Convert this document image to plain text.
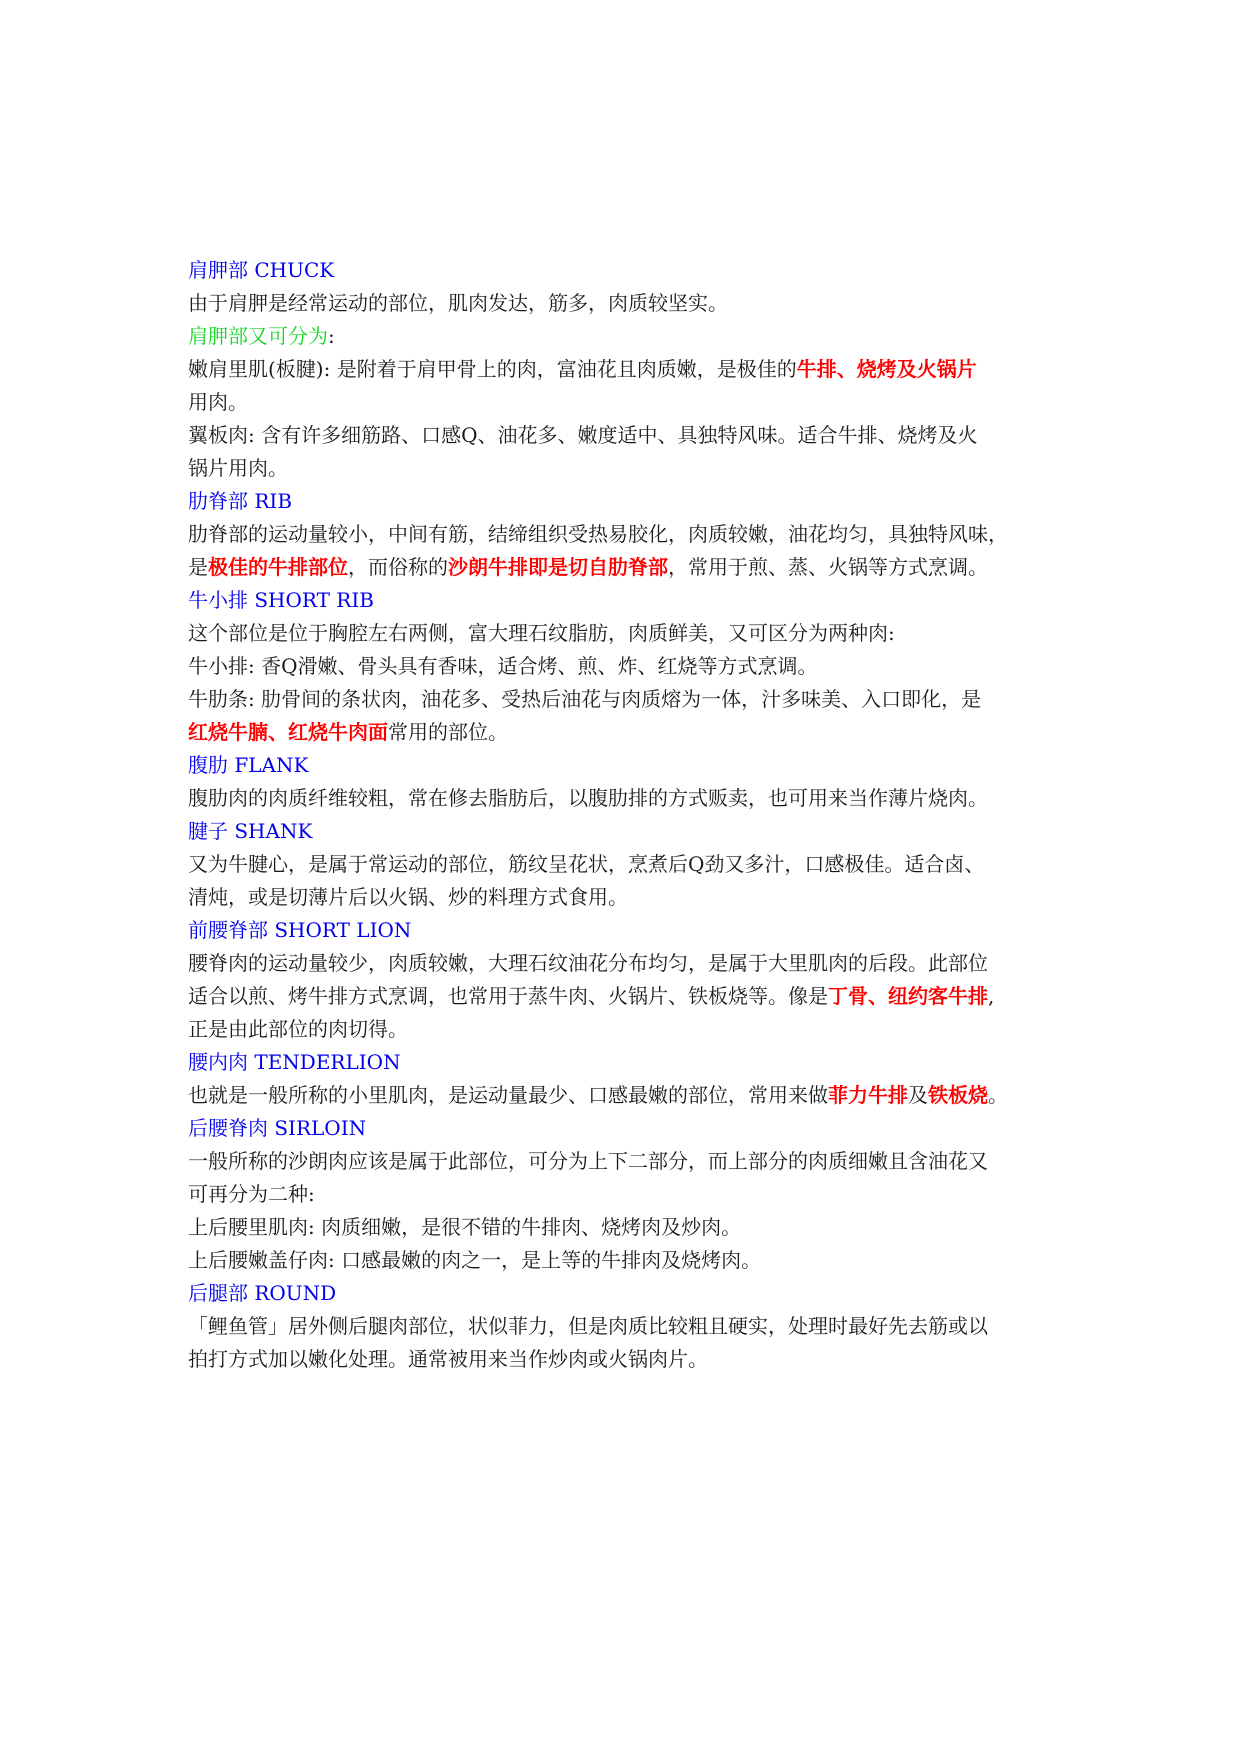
肩胛部 CHUCK
由于肩胛是经常运动的部位，肌肉发达，筋多，肉质较坚实。
肩胛部又可分为:
嫩肩里肌(板腱): 是附着于肩甲骨上的肉，富油花且肉质嫩，是极佳的牛排、烧烤及火锅片
用肉。
翼板肉: 含有许多细筋路、口感Q、油花多、嫩度适中、具独特风味。适合牛排、烧烤及火
锅片用肉。
肋脊部 RIB
肋脊部的运动量较小，中间有筋，结缔组织受热易胶化，肉质较嫩，油花均匀，具独特风味，
是极佳的牛排部位，而俗称的沙朗牛排即是切自肋脊部，常用于煎、蒸、火锅等方式烹调。
牛小排 SHORT RIB
这个部位是位于胸腔左右两侧，富大理石纹脂肪，肉质鲜美，又可区分为两种肉:
牛小排: 香Q滑嫩、骨头具有香味，适合烤、煎、炸、红烧等方式烹调。
牛肋条: 肋骨间的条状肉，油花多、受热后油花与肉质熔为一体，汁多味美、入口即化，是
红烧牛腩、红烧牛肉面常用的部位。
腹肋 FLANK
腹肋肉的肉质纤维较粗，常在修去脂肪后，以腹肋排的方式贩卖，也可用来当作薄片烧肉。
腱子 SHANK
又为牛腱心，是属于常运动的部位，筋纹呈花状，烹煮后Q劲又多汁，口感极佳。适合卤、
清炖，或是切薄片后以火锅、炒的料理方式食用。
前腰脊部 SHORT LION
腰脊肉的运动量较少，肉质较嫩，大理石纹油花分布均匀，是属于大里肌肉的后段。此部位
适合以煎、烤牛排方式烹调，也常用于蒸牛肉、火锅片、铁板烧等。像是丁骨、纽约客牛排,
正是由此部位的肉切得。
腰内肉 TENDERLION
也就是一般所称的小里肌肉，是运动量最少、口感最嫩的部位，常用来做菲力牛排及铁板烧。
后腰脊肉 SIRLOIN
一般所称的沙朗肉应该是属于此部位，可分为上下二部分，而上部分的肉质细嫩且含油花又
可再分为二种:
上后腰里肌肉: 肉质细嫩，是很不错的牛排肉、烧烤肉及炒肉。
上后腰嫩盖仔肉: 口感最嫩的肉之一，是上等的牛排肉及烧烤肉。
后腿部 ROUND
「鲤鱼管」居外侧后腿肉部位，状似菲力，但是肉质比较粗且硬实，处理时最好先去筋或以
拍打方式加以嫩化处理。通常被用来当作炒肉或火锅肉片。
